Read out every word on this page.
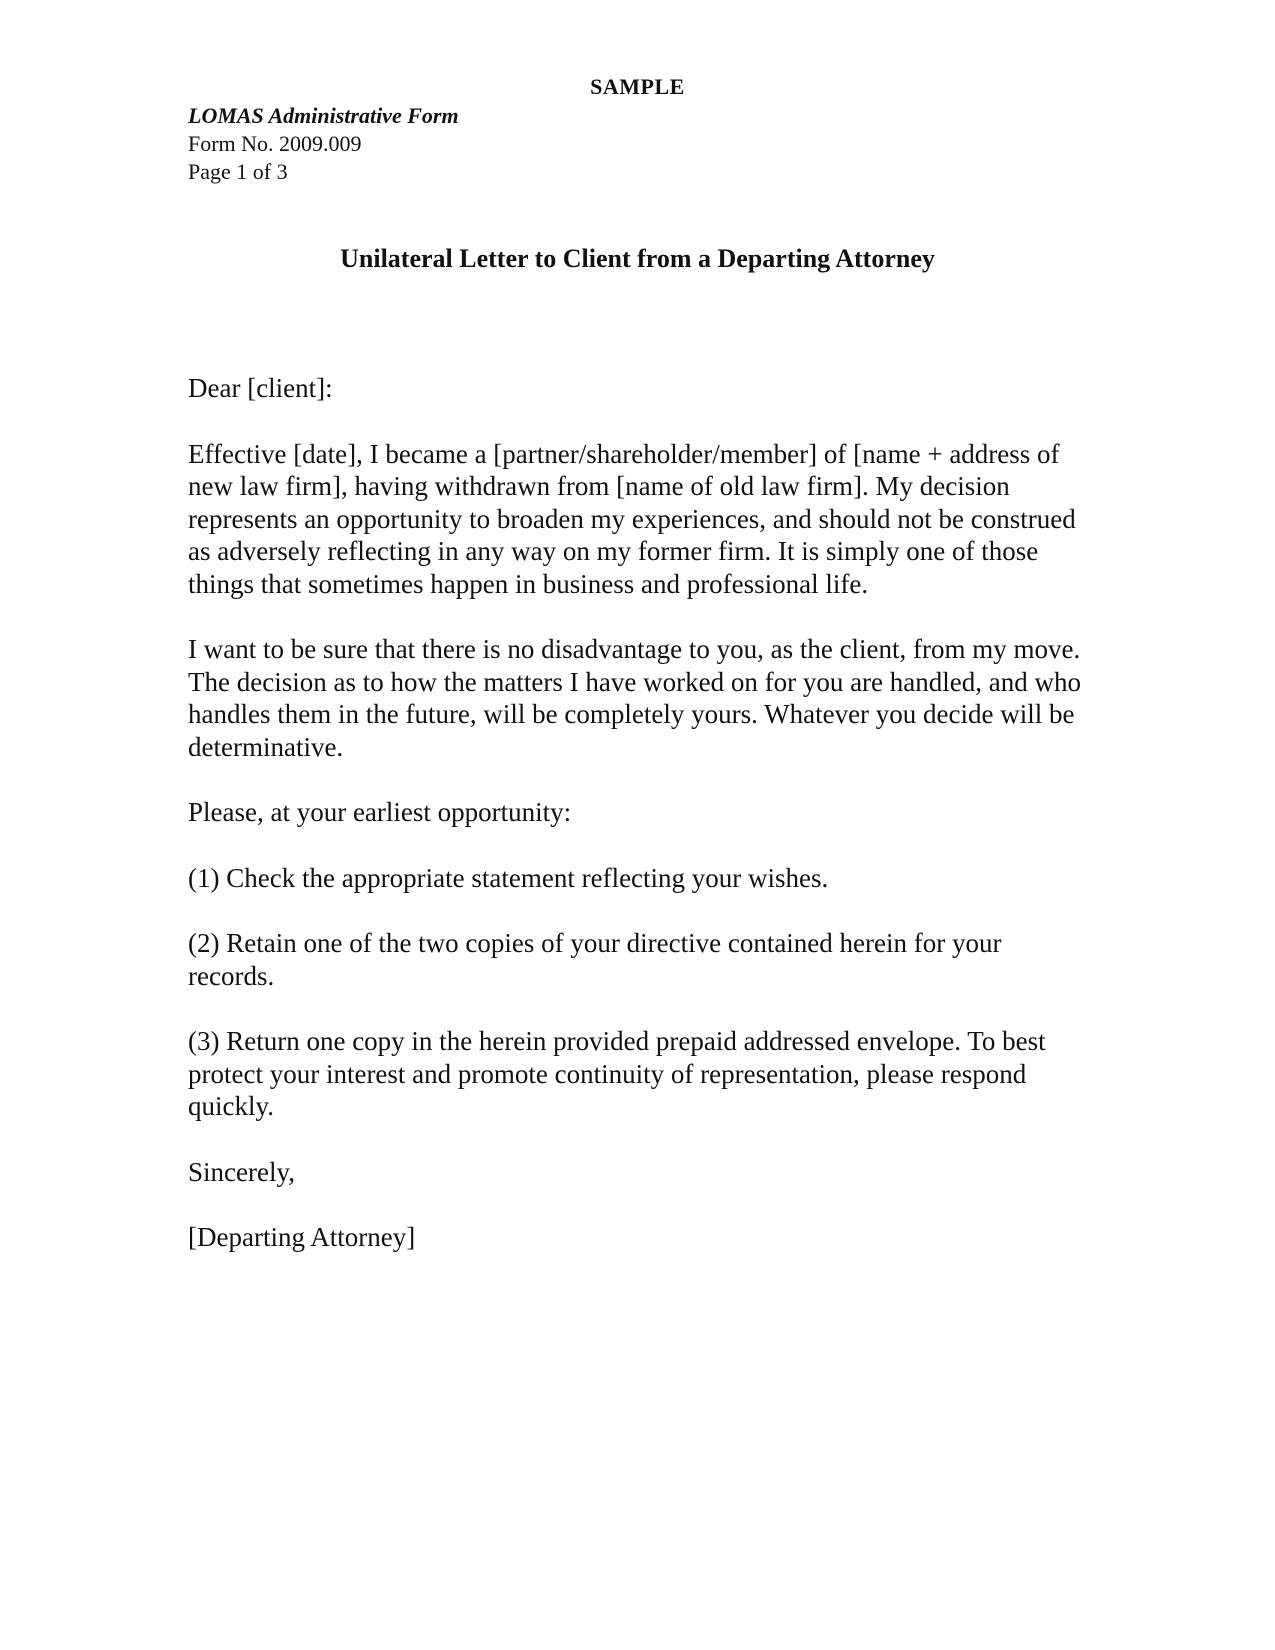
SAMPLE
LOMAS Administrative Form
Form No. 2009.009
Page 1 of 3
Unilateral Letter to Client from a Departing Attorney

Dear [client]:

Effective [date], I became a [partner/shareholder/member] of [name + address of new law firm], having withdrawn from [name of old law firm]. My decision represents an opportunity to broaden my experiences, and should not be construed as adversely reflecting in any way on my former firm. It is simply one of those things that sometimes happen in business and professional life.

I want to be sure that there is no disadvantage to you, as the client, from my move. The decision as to how the matters I have worked on for you are handled, and who handles them in the future, will be completely yours. Whatever you decide will be determinative.

Please, at your earliest opportunity:

(1) Check the appropriate statement reflecting your wishes.

(2) Retain one of the two copies of your directive contained herein for your records.

(3) Return one copy in the herein provided prepaid addressed envelope. To best protect your interest and promote continuity of representation, please respond quickly.

Sincerely,

[Departing Attorney]
